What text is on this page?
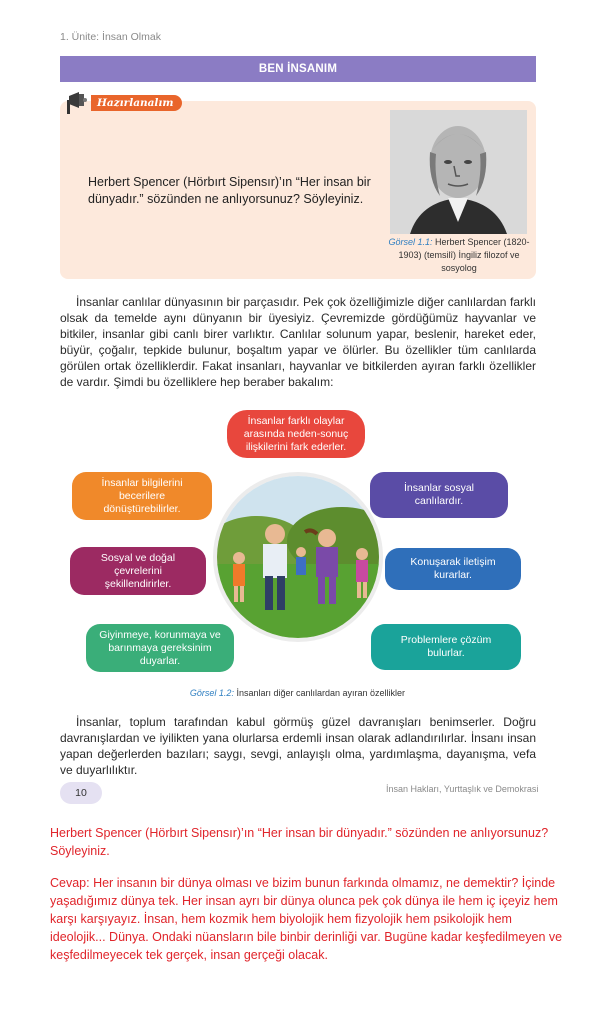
1. Ünite: İnsan Olmak
BEN İNSANIM
Hazırlanalım
Herbert Spencer (Hörbırt Sipensır)’ın “Her insan bir dünyadır.” sözünden ne anlıyorsunuz? Söyleyiniz.
Görsel 1.1: Herbert Spencer (1820-1903) (temsilî) İngiliz filozof ve sosyolog

İnsanlar canlılar dünyasının bir parçasıdır. Pek çok özelliğimizle diğer canlılardan farklı olsak da temelde aynı dünyanın bir üyesiyiz. Çevremizde gördüğümüz hayvanlar ve bitkiler, insanlar gibi canlı birer varlıktır. Canlılar solunum yapar, beslenir, hareket eder, büyür, çoğalır, tepkide bulunur, boşaltım yapar ve ölürler. Bu özellikler tüm canlılarda görülen ortak özelliklerdir. Fakat insanları, hayvanlar ve bitkilerden ayıran farklı özellikler de vardır. Şimdi bu özelliklere hep beraber bakalım:

İnsanlar farklı olaylar arasında neden-sonuç ilişkilerini fark ederler.
İnsanlar bilgilerini becerilere dönüştürebilirler.
İnsanlar sosyal canlılardır.
Sosyal ve doğal çevrelerini şekillendirirler.
Konuşarak iletişim kurarlar.
Giyinmeye, korunmaya ve barınmaya gereksinim duyarlar.
Problemlere çözüm bulurlar.
Görsel 1.2: İnsanları diğer canlılardan ayıran özellikler

İnsanlar, toplum tarafından kabul görmüş güzel davranışları benimserler. Doğru davranışlardan ve iyilikten yana olurlarsa erdemli insan olarak adlandırılırlar. İnsanı insan yapan değerlerden bazıları; saygı, sevgi, anlayışlı olma, yardımlaşma, dayanışma, vefa ve duyarlılıktır.

10	İnsan Hakları, Yurttaşlık ve Demokrasi
Herbert Spencer (Hörbırt Sipensır)’ın “Her insan bir dünyadır.” sözünden ne anlıyorsunuz? Söyleyiniz.
Cevap: Her insanın bir dünya olması ve bizim bunun farkında olmamız, ne demektir? İçinde yaşadığımız dünya tek. Her insan ayrı bir dünya olunca pek çok dünya ile hem iç içeyiz hem karşı karşıyayız. İnsan, hem kozmik hem biyolojik hem fizyolojik hem psikolojik hem ideolojik... Dünya. Ondaki nüansların bile binbir derinliği var. Bugüne kadar keşfedilmeyen ve keşfedilmeyecek tek gerçek, insan gerçeği olacak.
